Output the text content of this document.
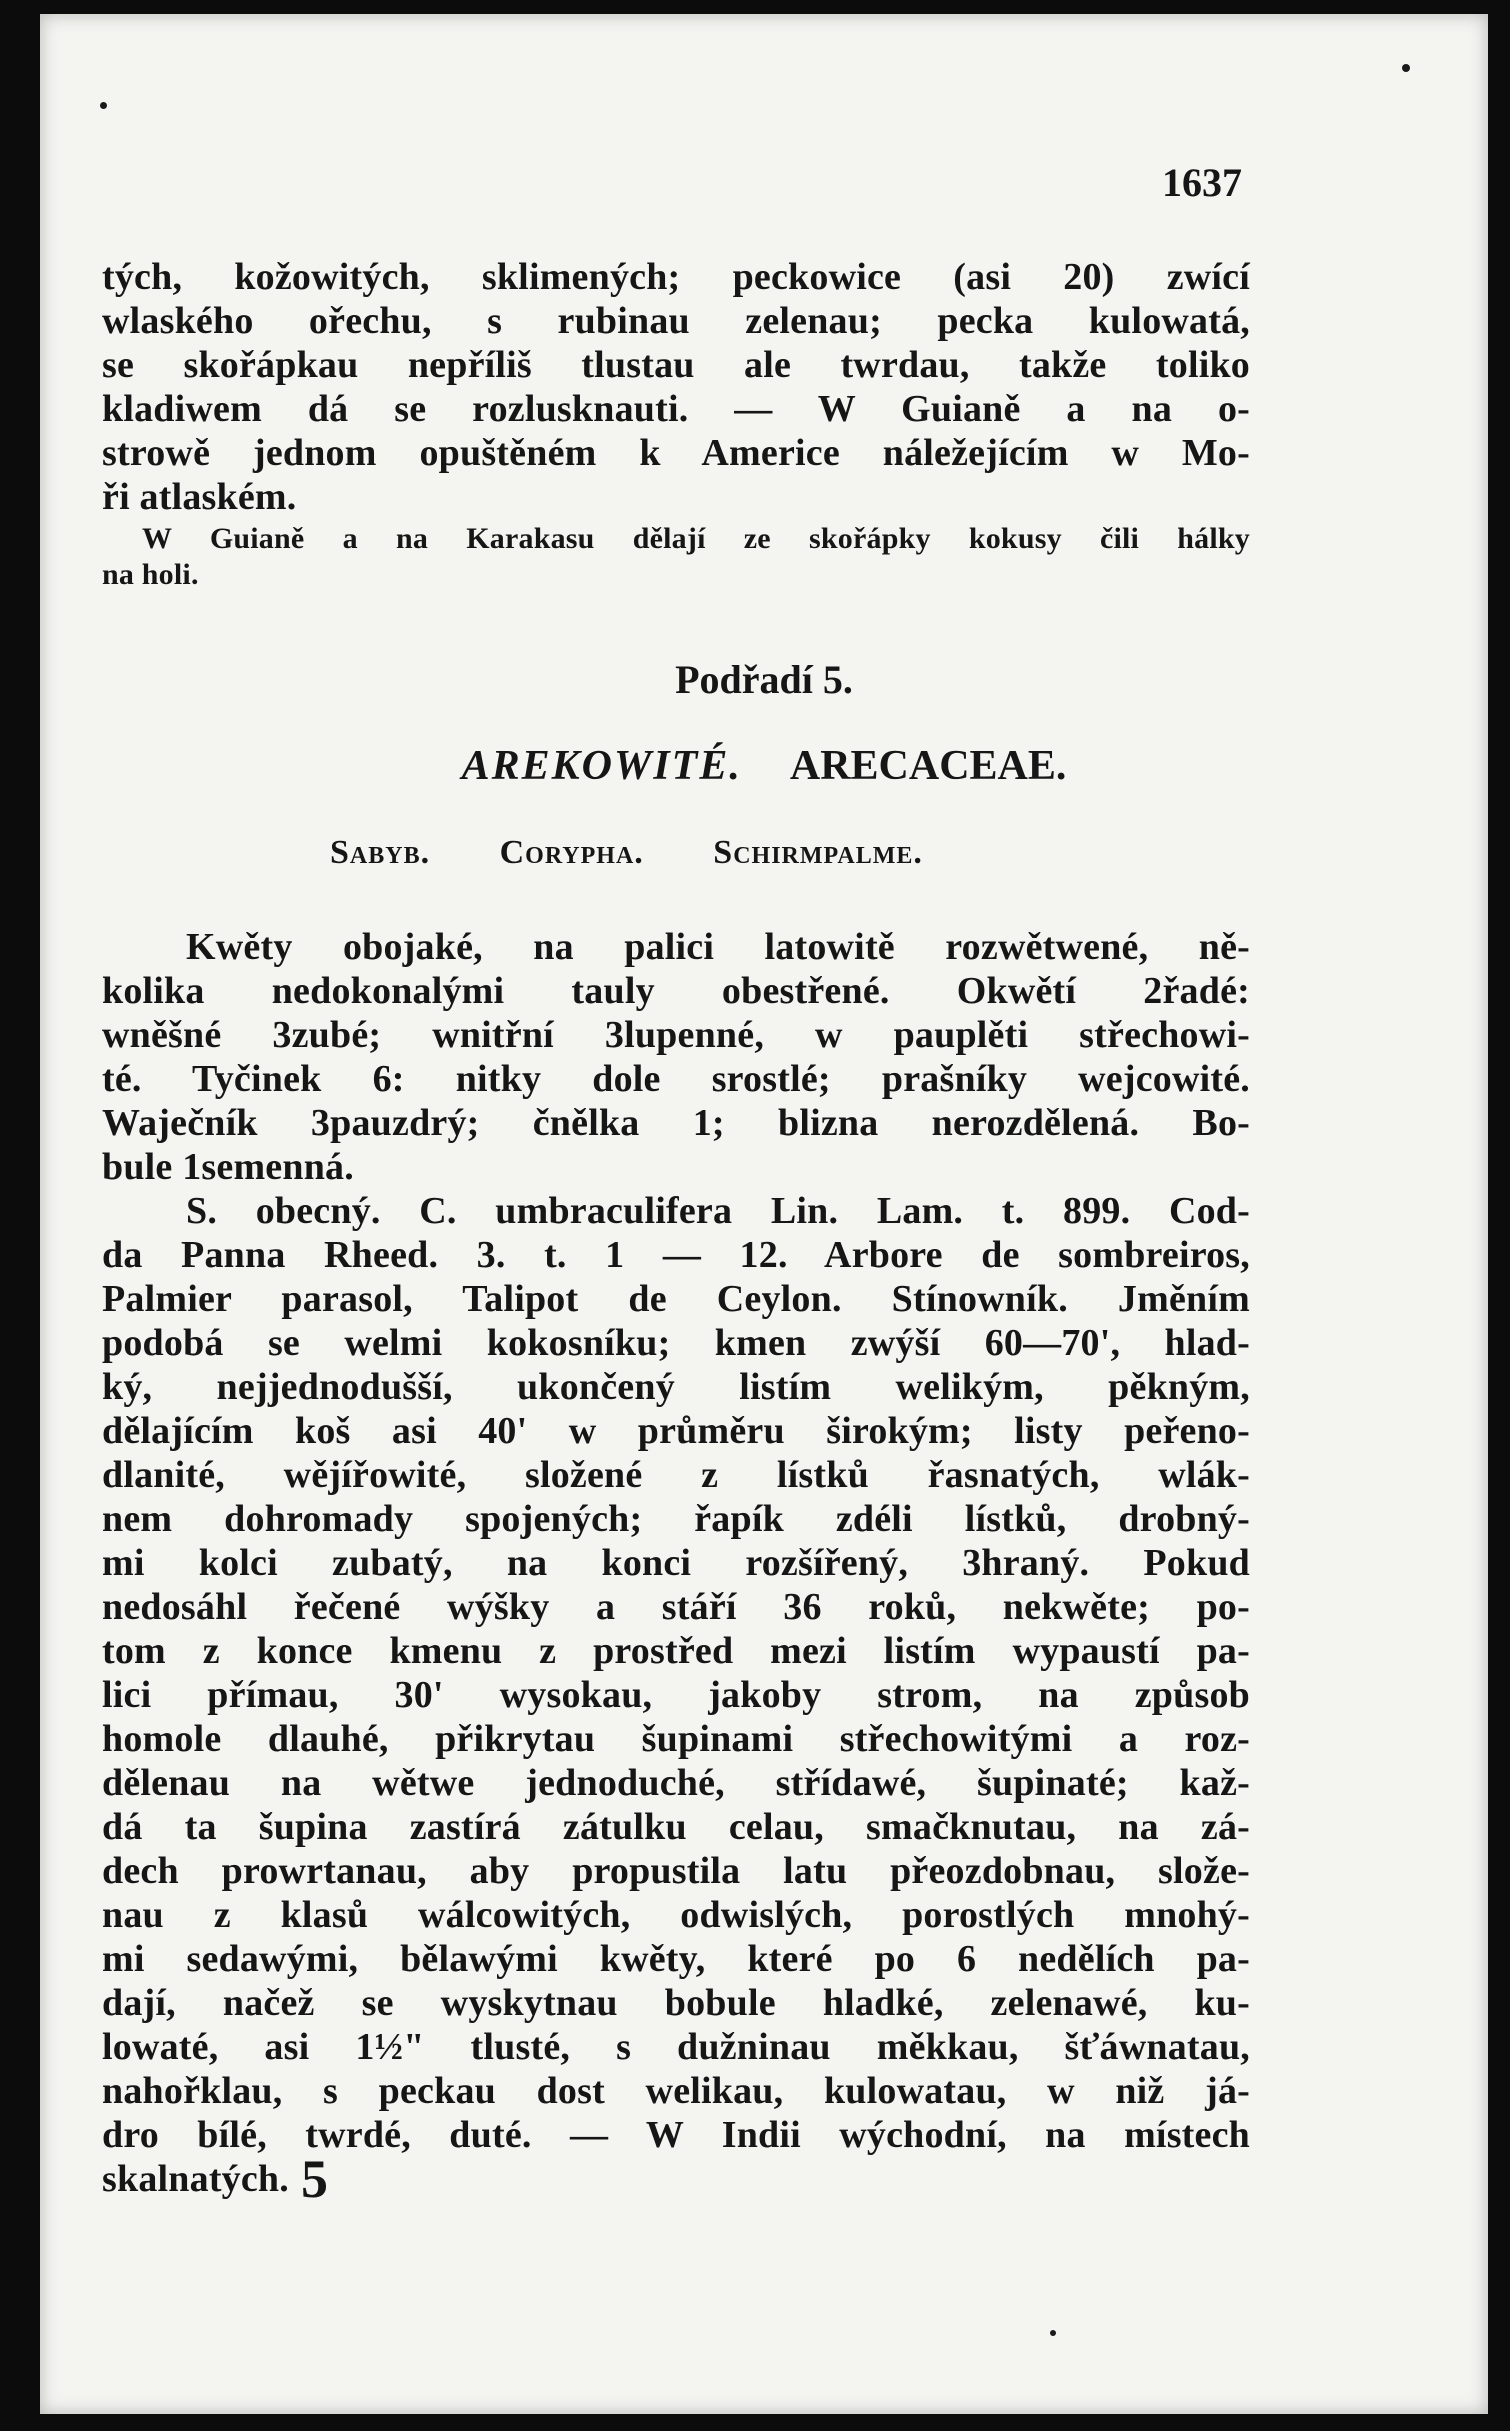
1637
tých, kožowitých, sklimených; peckowice (asi 20) zwící
wlaského ořechu, s rubinau zelenau; pecka kulowatá,
se skořápkau nepříliš tlustau ale twrdau, takže toliko
kladiwem dá se rozlusknauti. — W Guianě a na o-
strowě jednom opuštěném k Americe náležejícím w Mo-
ři atlaském.
W Guianě a na Karakasu dělají ze skořápky kokusy čili hálky
na holi.
Podřadí 5.
AREKOWITÉ. ARECACEAE.
Sabyb. Corypha. Schirmpalme.
Kwěty obojaké, na palici latowitě rozwětwené, ně-
kolika nedokonalými tauly obestřené. Okwětí 2řadé:
wněšné 3zubé; wnitřní 3lupenné, w pauplěti střechowi-
té. Tyčinek 6: nitky dole srostlé; prašníky wejcowité.
Waječník 3pauzdrý; čnělka 1; blizna nerozdělená. Bo-
bule 1semenná.
S. obecný. C. umbraculifera Lin. Lam. t. 899. Cod-
da Panna Rheed. 3. t. 1 — 12. Arbore de sombreiros,
Palmier parasol, Talipot de Ceylon. Stínowník. Jměním
podobá se welmi kokosníku; kmen zwýší 60—70', hlad-
ký, nejjednodušší, ukončený listím welikým, pěkným,
dělajícím koš asi 40' w průměru širokým; listy peřeno-
dlanité, wějířowité, složené z lístků řasnatých, wlák-
nem dohromady spojených; řapík zdéli lístků, drobný-
mi kolci zubatý, na konci rozšířený, 3hraný. Pokud
nedosáhl řečené wýšky a stáří 36 roků, nekwěte; po-
tom z konce kmenu z prostřed mezi listím wypaustí pa-
lici přímau, 30' wysokau, jakoby strom, na způsob
homole dlauhé, přikrytau šupinami střechowitými a roz-
dělenau na wětwe jednoduché, střídawé, šupinaté; kaž-
dá ta šupina zastírá zátulku celau, smačknutau, na zá-
dech prowrtanau, aby propustila latu přeozdobnau, slože-
nau z klasů wálcowitých, odwislých, porostlých mnohý-
mi sedawými, bělawými kwěty, které po 6 nedělích pa-
dají, načež se wyskytnau bobule hladké, zelenawé, ku-
lowaté, asi 1½" tlusté, s dužninau měkkau, šťáwnatau,
nahořklau, s peckau dost welikau, kulowatau, w niž já-
dro bílé, twrdé, duté. — W Indii wýchodní, na místech
skalnatých. 5
